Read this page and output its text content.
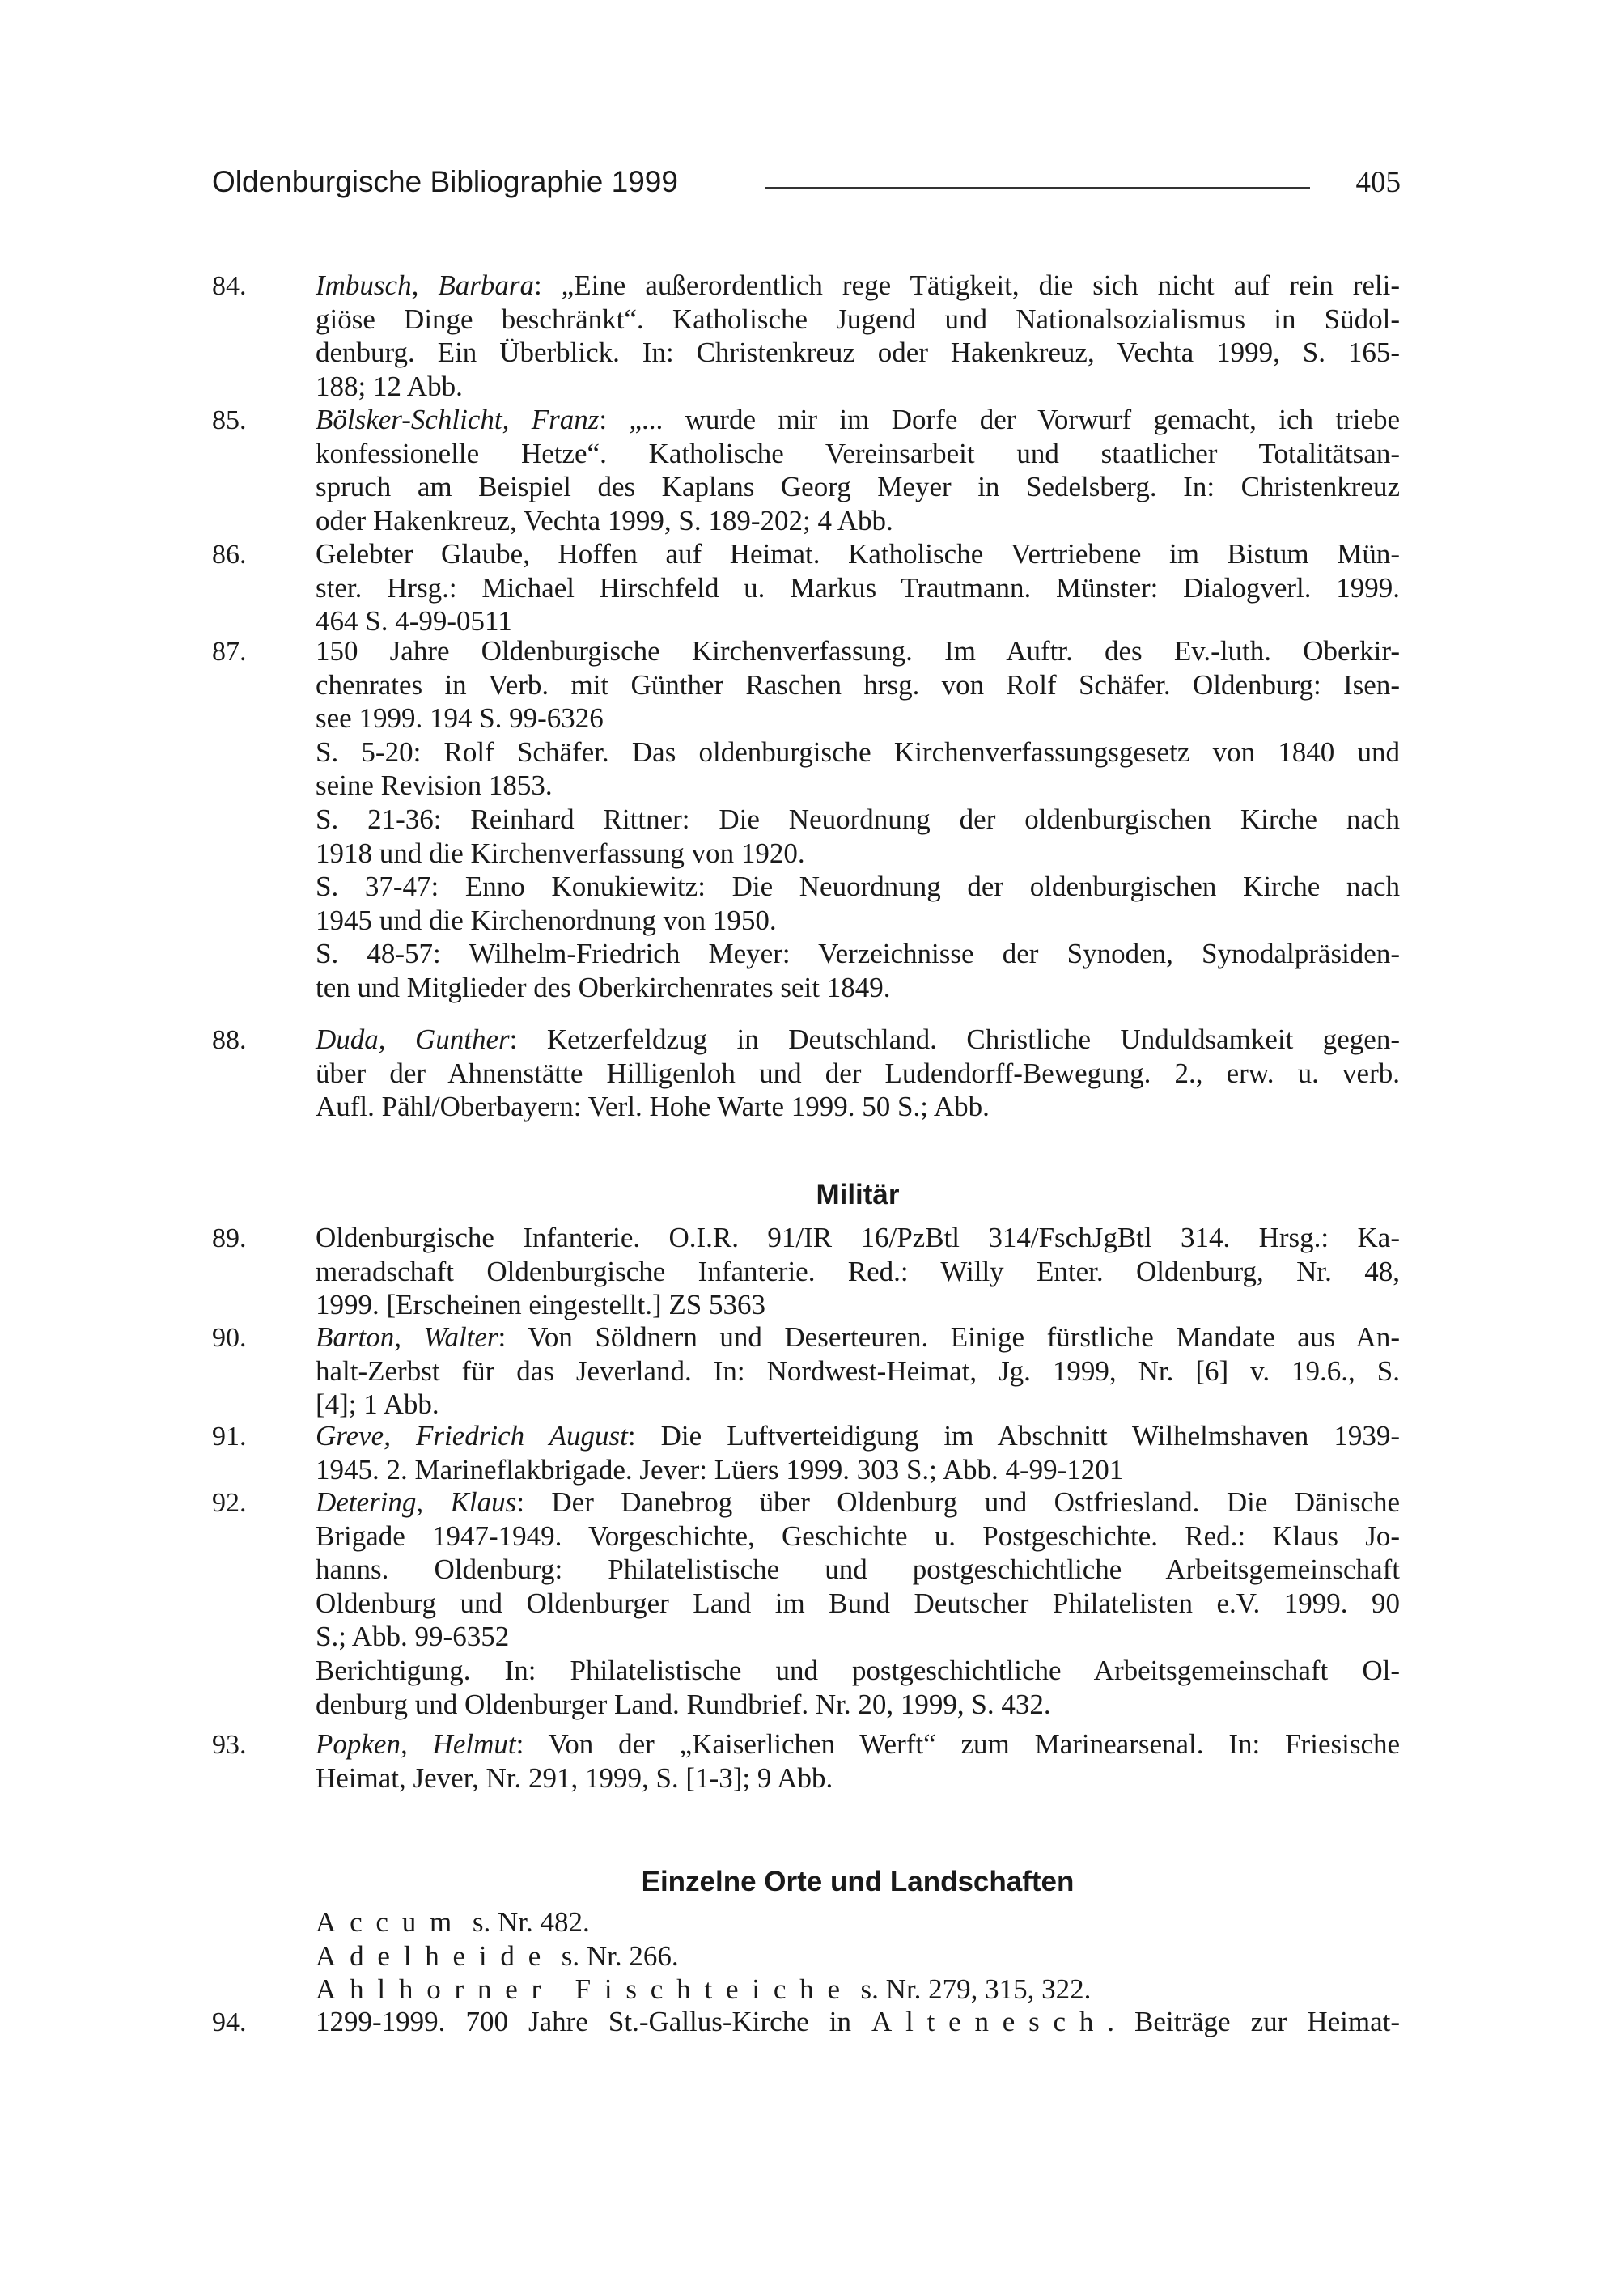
Oldenburgische Bibliographie 1999	405
Militär
Einzelne Orte und Landschaften
84. Imbusch, Barbara: „Eine außerordentlich rege Tätigkeit, die sich nicht auf rein reli-
giöse Dinge beschränkt“. Katholische Jugend und Nationalsozialismus in Südol-
denburg. Ein Überblick. In: Christenkreuz oder Hakenkreuz, Vechta 1999, S. 165-
188; 12 Abb.
85. Bölsker-Schlicht, Franz: „... wurde mir im Dorfe der Vorwurf gemacht, ich triebe
konfessionelle Hetze“. Katholische Vereinsarbeit und staatlicher Totalitätsan-
spruch am Beispiel des Kaplans Georg Meyer in Sedelsberg. In: Christenkreuz
oder Hakenkreuz, Vechta 1999, S. 189-202; 4 Abb.
86. Gelebter Glaube, Hoffen auf Heimat. Katholische Vertriebene im Bistum Mün-
ster. Hrsg.: Michael Hirschfeld u. Markus Trautmann. Münster: Dialogverl. 1999.
464 S. 4-99-0511
87. 150 Jahre Oldenburgische Kirchenverfassung. Im Auftr. des Ev.-luth. Oberkir-
chenrates in Verb. mit Günther Raschen hrsg. von Rolf Schäfer. Oldenburg: Isen-
see 1999. 194 S. 99-6326
S. 5-20: Rolf Schäfer. Das oldenburgische Kirchenverfassungsgesetz von 1840 und
seine Revision 1853.
S. 21-36: Reinhard Rittner: Die Neuordnung der oldenburgischen Kirche nach
1918 und die Kirchenverfassung von 1920.
S. 37-47: Enno Konukiewitz: Die Neuordnung der oldenburgischen Kirche nach
1945 und die Kirchenordnung von 1950.
S. 48-57: Wilhelm-Friedrich Meyer: Verzeichnisse der Synoden, Synodalpräsiden-
ten und Mitglieder des Oberkirchenrates seit 1849.
88. Duda, Gunther: Ketzerfeldzug in Deutschland. Christliche Unduldsamkeit gegen-
über der Ahnenstätte Hilligenloh und der Ludendorff-Bewegung. 2., erw. u. verb.
Aufl. Pähl/Oberbayern: Verl. Hohe Warte 1999. 50 S.; Abb.
89. Oldenburgische Infanterie. O.I.R. 91/IR 16/PzBtl 314/FschJgBtl 314. Hrsg.: Ka-
meradschaft Oldenburgische Infanterie. Red.: Willy Enter. Oldenburg, Nr. 48,
1999. [Erscheinen eingestellt.] ZS 5363
90. Barton, Walter: Von Söldnern und Deserteuren. Einige fürstliche Mandate aus An-
halt-Zerbst für das Jeverland. In: Nordwest-Heimat, Jg. 1999, Nr. [6] v. 19.6., S.
[4]; 1 Abb.
91. Greve, Friedrich August: Die Luftverteidigung im Abschnitt Wilhelmshaven 1939-
1945. 2. Marineflakbrigade. Jever: Lüers 1999. 303 S.; Abb. 4-99-1201
92. Detering, Klaus: Der Danebrog über Oldenburg und Ostfriesland. Die Dänische
Brigade 1947-1949. Vorgeschichte, Geschichte u. Postgeschichte. Red.: Klaus Jo-
hanns. Oldenburg: Philatelistische und postgeschichtliche Arbeitsgemeinschaft
Oldenburg und Oldenburger Land im Bund Deutscher Philatelisten e.V. 1999. 90
S.; Abb. 99-6352
Berichtigung. In: Philatelistische und postgeschichtliche Arbeitsgemeinschaft Ol-
denburg und Oldenburger Land. Rundbrief. Nr. 20, 1999, S. 432.
93. Popken, Helmut: Von der „Kaiserlichen Werft“ zum Marinearsenal. In: Friesische
Heimat, Jever, Nr. 291, 1999, S. [1-3]; 9 Abb.
Accum s. Nr. 482.
Adelheide s. Nr. 266.
Ahlhorner Fischteiche s. Nr. 279, 315, 322.
94. 1299-1999. 700 Jahre St.-Gallus-Kirche in Altenesch. Beiträge zur Heimat-
